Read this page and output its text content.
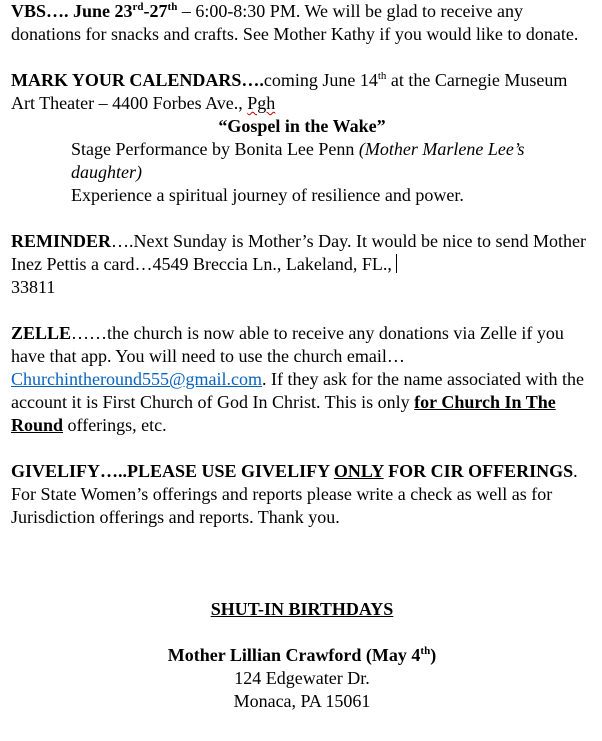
VBS…. June 23rd-27th – 6:00-8:30 PM. We will be glad to receive any donations for snacks and crafts. See Mother Kathy if you would like to donate.

MARK YOUR CALENDARS….coming June 14th at the Carnegie Museum Art Theater – 4400 Forbes Ave., Pgh

“Gospel in the Wake”

Stage Performance by Bonita Lee Penn (Mother Marlene Lee’s daughter)

Experience a spiritual journey of resilience and power.

REMINDER….Next Sunday is Mother’s Day. It would be nice to send Mother Inez Pettis a card…4549 Breccia Ln., Lakeland, FL.,
33811

ZELLE……the church is now able to receive any donations via Zelle if you have that app. You will need to use the church email…Churchintheround555@gmail.com. If they ask for the name associated with the account it is First Church of God In Christ. This is only for Church In The Round offerings, etc.

GIVELIFY…..PLEASE USE GIVELIFY ONLY FOR CIR OFFERINGS. For State Women’s offerings and reports please write a check as well as for Jurisdiction offerings and reports. Thank you.

SHUT-IN BIRTHDAYS

Mother Lillian Crawford (May 4th)

124 Edgewater Dr.

Monaca, PA 15061
